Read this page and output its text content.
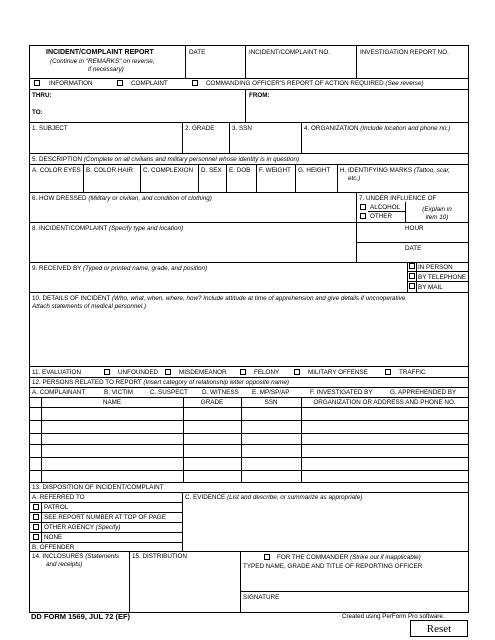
INCIDENT/COMPLAINT REPORT
(Continue in "REMARKS" on reverse,
if necessary)
DATE	INCIDENT/COMPLAINT NO.	INVESTIGATION REPORT NO.
INFORMATION	COMPLAINT	COMMANDING OFFICER'S REPORT OF ACTION REQUIRED (See reverse)
THRU:
TO:
FROM:
1. SUBJECT	2. GRADE	3. SSN	4. ORGANIZATION (Include location and phone no.)
5. DESCRIPTION (Complete on all civilians and military personnel whose identity is in question)
A. COLOR EYES B. COLOR HAIR C. COMPLEXION D. SEX E. DOB F. WEIGHT G. HEIGHT H. IDENTIFYING MARKS (Tattoo, scar,
etc.)
6. HOW DRESSED (Military or civilian, and condition of clothing)	7. UNDER INFLUENCE OF
ALCOHOL
OTHER
(Explain in
item 10)
8. INCIDENT/COMPLAINT (Specify type and location)	HOUR
DATE
9. RECEIVED BY (Typed or printed name, grade, and position)	IN PERSON
BY TELEPHONE
BY MAIL
10. DETAILS OF INCIDENT (Who, what, when, where, how? Include attitude at time of apprehension and give details if uncooperative.
Attach statements of medical personnel.)
11. EVALUATION	UNFOUNDED	MISDEMEANOR	FELONY	MILITARY OFFENSE	TRAFFIC
12. PERSONS RELATED TO REPORT (Insert category of relationship letter opposite name)
A. COMPLAINANT	B. VICTIM	C. SUSPECT D. WITNESS E. MP/SP/AP	F. INVESTIGATED BY	G. APPREHENDED BY
NAME	GRADE	SSN	ORGANIZATION OR ADDRESS AND PHONE NO.
13. DISPOSITION OF INCIDENT/COMPLAINT
A. REFERRED TO	C. EVIDENCE (List and describe, or summarize as appropriate)
PATROL
SEE REPORT NUMBER AT TOP OF PAGE
OTHER AGENCY (Specify)
NONE
B. OFFENDER
14. INCLOSURES (Statements
and receipts)
15. DISTRIBUTION	FOR THE COMMANDER (Strike out if inapplicable)
TYPED NAME, GRADE AND TITLE OF REPORTING OFFICER
SIGNATURE
DD FORM 1569, JUL 72 (EF)	Created using PerForm Pro software.
Reset
